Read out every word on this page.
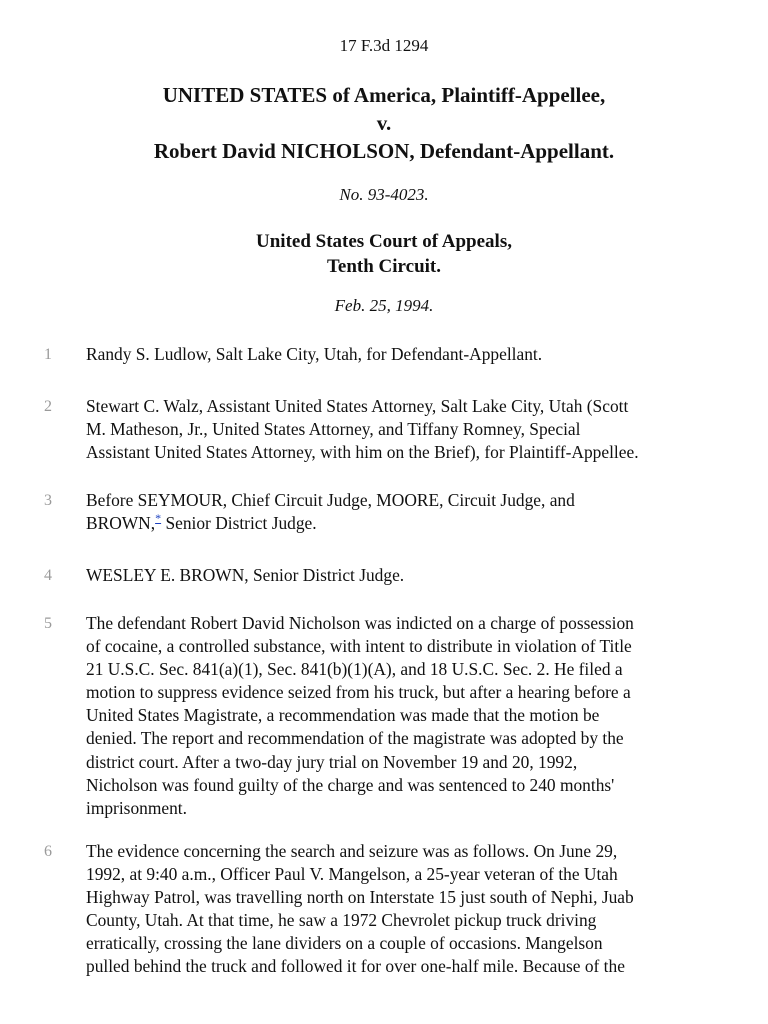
17 F.3d 1294
UNITED STATES of America, Plaintiff-Appellee,
v.
Robert David NICHOLSON, Defendant-Appellant.
No. 93-4023.
United States Court of Appeals,
Tenth Circuit.
Feb. 25, 1994.
1	Randy S. Ludlow, Salt Lake City, Utah, for Defendant-Appellant.
2	Stewart C. Walz, Assistant United States Attorney, Salt Lake City, Utah (Scott
M. Matheson, Jr., United States Attorney, and Tiffany Romney, Special
Assistant United States Attorney, with him on the Brief), for Plaintiff-Appellee.
3	Before SEYMOUR, Chief Circuit Judge, MOORE, Circuit Judge, and
BROWN,* Senior District Judge.
4	WESLEY E. BROWN, Senior District Judge.
5	The defendant Robert David Nicholson was indicted on a charge of possession
of cocaine, a controlled substance, with intent to distribute in violation of Title
21 U.S.C. Sec. 841(a)(1), Sec. 841(b)(1)(A), and 18 U.S.C. Sec. 2. He filed a
motion to suppress evidence seized from his truck, but after a hearing before a
United States Magistrate, a recommendation was made that the motion be
denied. The report and recommendation of the magistrate was adopted by the
district court. After a two-day jury trial on November 19 and 20, 1992,
Nicholson was found guilty of the charge and was sentenced to 240 months'
imprisonment.
6	The evidence concerning the search and seizure was as follows. On June 29,
1992, at 9:40 a.m., Officer Paul V. Mangelson, a 25-year veteran of the Utah
Highway Patrol, was travelling north on Interstate 15 just south of Nephi, Juab
County, Utah. At that time, he saw a 1972 Chevrolet pickup truck driving
erratically, crossing the lane dividers on a couple of occasions. Mangelson
pulled behind the truck and followed it for over one-half mile. Because of the
